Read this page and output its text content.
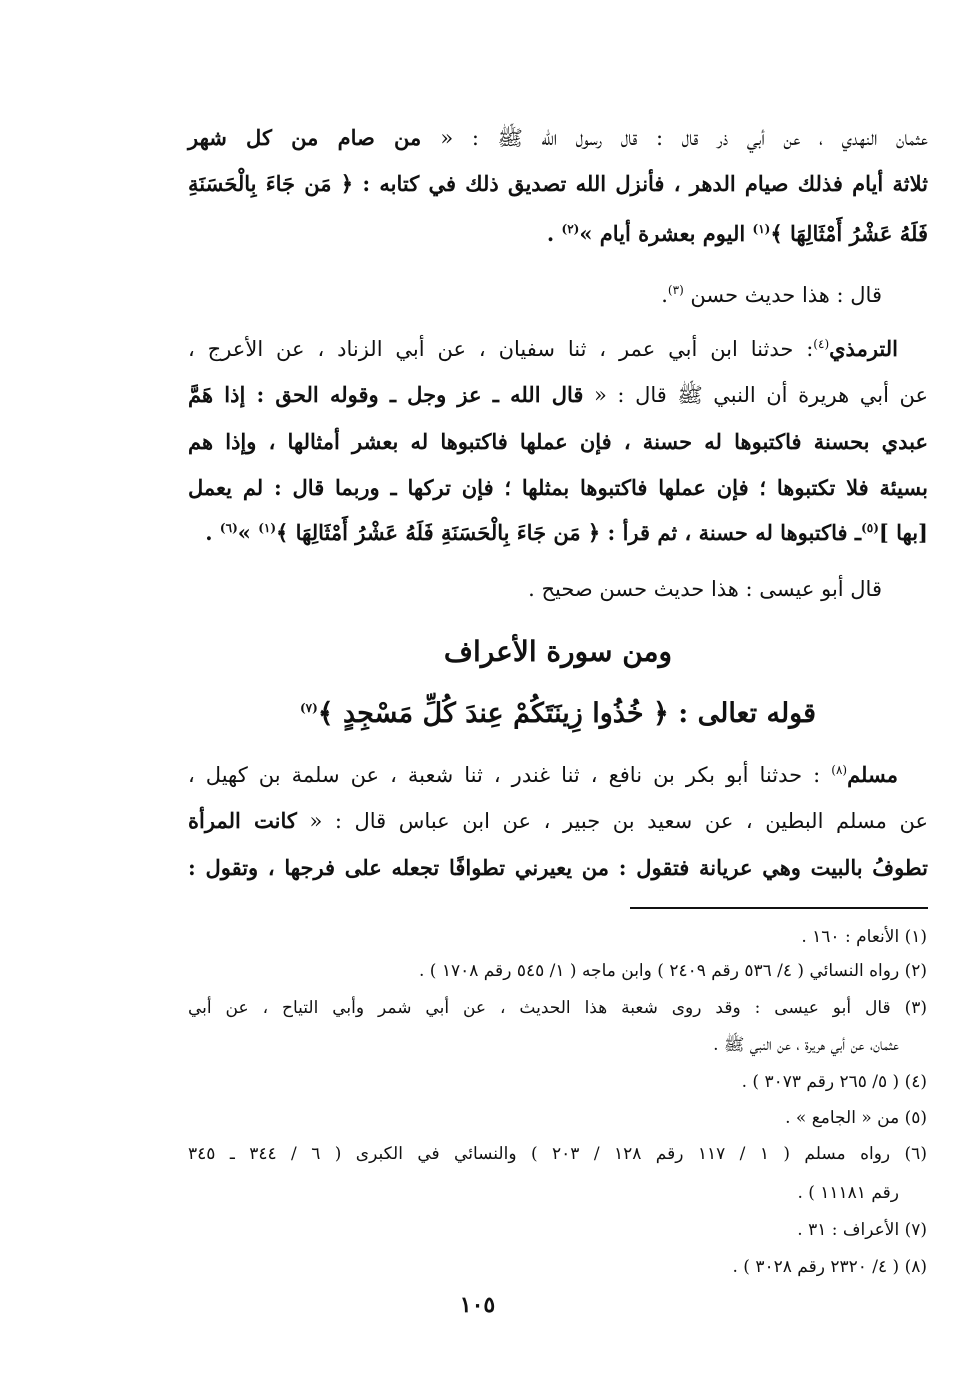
عثمان النهدي ، عن أبي ذر قال : قال رسول الله ﷺ : « من صام من كل شهر
ثلاثة أيام فذلك صيام الدهر ، فأنزل الله تصديق ذلك في كتابه : ﴿ مَن جَاءَ بِالْحَسَنَةِ
فَلَهُ عَشْرُ أَمْثَالِهَا ﴾$^{(١)}$ اليوم بعشرة أيام »$^{(٢)}$ .
قال : هذا حديث حسن $^{(٣)}$.
الترمذي$^{(٤)}$: حدثنا ابن أبي عمر ، ثنا سفيان ، عن أبي الزناد ، عن الأعرج ،
عن أبي هريرة أن النبي ﷺ قال : « قال الله ـ عز وجل ـ وقوله الحق : إذا هَمَّ
عبدي بحسنة فاكتبوها له حسنة ، فإن عملها فاكتبوها له بعشر أمثالها ، وإذا هم
بسيئة فلا تكتبوها ؛ فإن عملها فاكتبوها بمثلها ؛ فإن تركها ـ وربما قال : لم يعمل
[بها ]$^{(٥)}$ـ فاكتبوها له حسنة ، ثم قرأ : ﴿ مَن جَاءَ بِالْحَسَنَةِ فَلَهُ عَشْرُ أَمْثَالِهَا ﴾$^{(١)}$ »$^{(٦)}$ .
قال أبو عيسى : هذا حديث حسن صحيح .
ومن سورة الأعراف
قوله تعالى : ﴿ خُذُوا زِينَتَكُمْ عِندَ كُلِّ مَسْجِدٍ ﴾$^{(٧)}$
مسلم$^{(٨)}$ : حدثنا أبو بكر بن نافع ، ثنا غندر ، ثنا شعبة ، عن سلمة بن كهيل ،
عن مسلم البطين ، عن سعيد بن جبير ، عن ابن عباس قال : « كانت المرأة
تطوفُ بالبيت وهي عريانة فتقول : من يعيرني تطوافًا تجعله على فرجها ، وتقول :
(١) الأنعام : ١٦٠ .
(٢) رواه النسائي ( ٤/ ٥٣٦ رقم ٢٤٠٩ ) وابن ماجه ( ١/ ٥٤٥ رقم ١٧٠٨ ) .
(٣) قال أبو عيسى : وقد روى شعبة هذا الحديث ، عن أبي شمر وأبي التياح ، عن أبي
عثمان، عن أبي هريرة ، عن النبي ﷺ .
(٤) ( ٥/ ٢٦٥ رقم ٣٠٧٣ ) .
(٥) من « الجامع » .
(٦) رواه مسلم ( ١ / ١١٧ رقم ١٢٨ / ٢٠٣ ) والنسائي في الكبرى ( ٦ / ٣٤٤ ـ ٣٤٥
رقم ١١١٨١ ) .
(٧) الأعراف : ٣١ .
(٨) ( ٤/ ٢٣٢٠ رقم ٣٠٢٨ ) .
١٠٥
